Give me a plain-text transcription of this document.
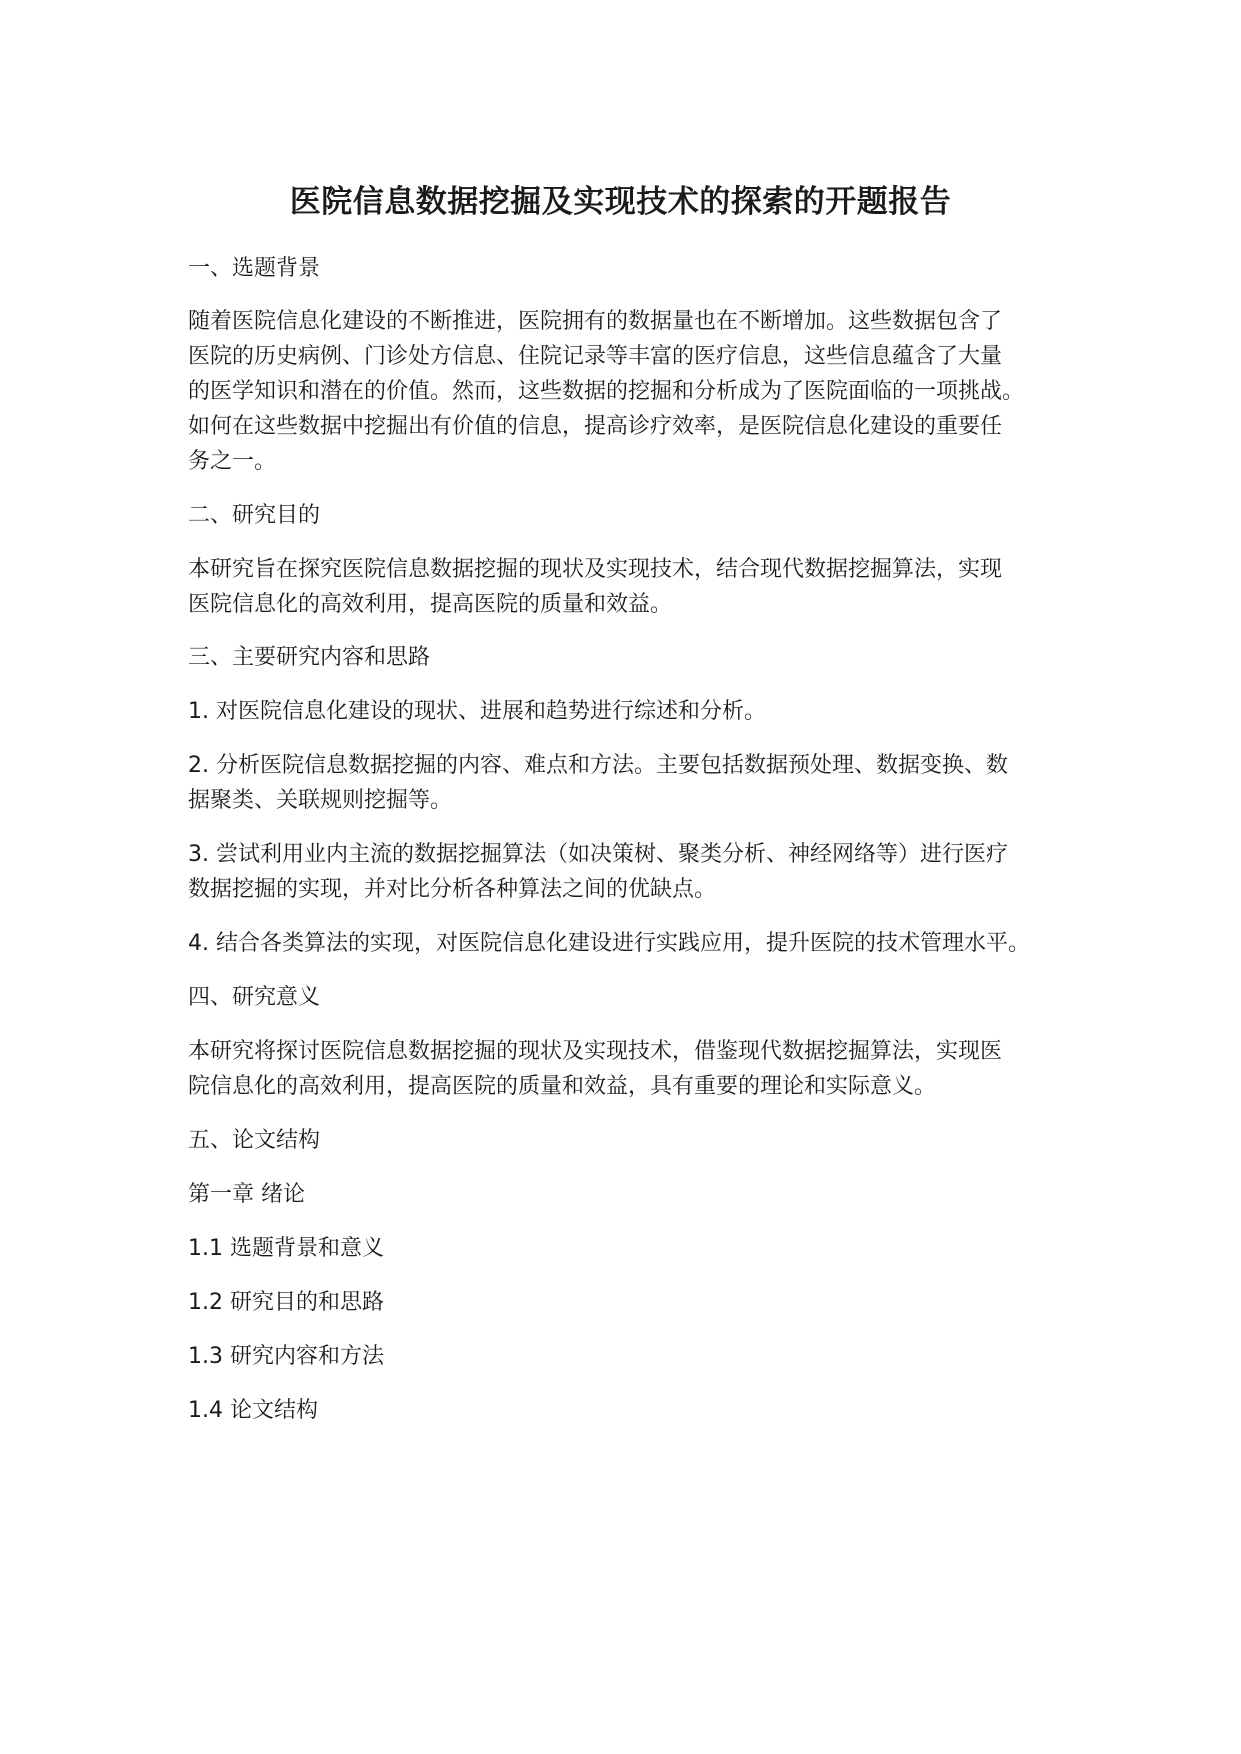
医院信息数据挖掘及实现技术的探索的开题报告

一、选题背景

随着医院信息化建设的不断推进，医院拥有的数据量也在不断增加。这些数据包含了

医院的历史病例、门诊处方信息、住院记录等丰富的医疗信息，这些信息蕴含了大量

的医学知识和潜在的价值。然而，这些数据的挖掘和分析成为了医院面临的一项挑战。

如何在这些数据中挖掘出有价值的信息，提高诊疗效率，是医院信息化建设的重要任

务之一。

二、研究目的

本研究旨在探究医院信息数据挖掘的现状及实现技术，结合现代数据挖掘算法，实现

医院信息化的高效利用，提高医院的质量和效益。

三、主要研究内容和思路

1. 对医院信息化建设的现状、进展和趋势进行综述和分析。

2. 分析医院信息数据挖掘的内容、难点和方法。主要包括数据预处理、数据变换、数

据聚类、关联规则挖掘等。

3. 尝试利用业内主流的数据挖掘算法（如决策树、聚类分析、神经网络等）进行医疗

数据挖掘的实现，并对比分析各种算法之间的优缺点。

4. 结合各类算法的实现，对医院信息化建设进行实践应用，提升医院的技术管理水平。

四、研究意义

本研究将探讨医院信息数据挖掘的现状及实现技术，借鉴现代数据挖掘算法，实现医

院信息化的高效利用，提高医院的质量和效益，具有重要的理论和实际意义。

五、论文结构

第一章 绪论

1.1 选题背景和意义

1.2 研究目的和思路

1.3 研究内容和方法

1.4 论文结构
